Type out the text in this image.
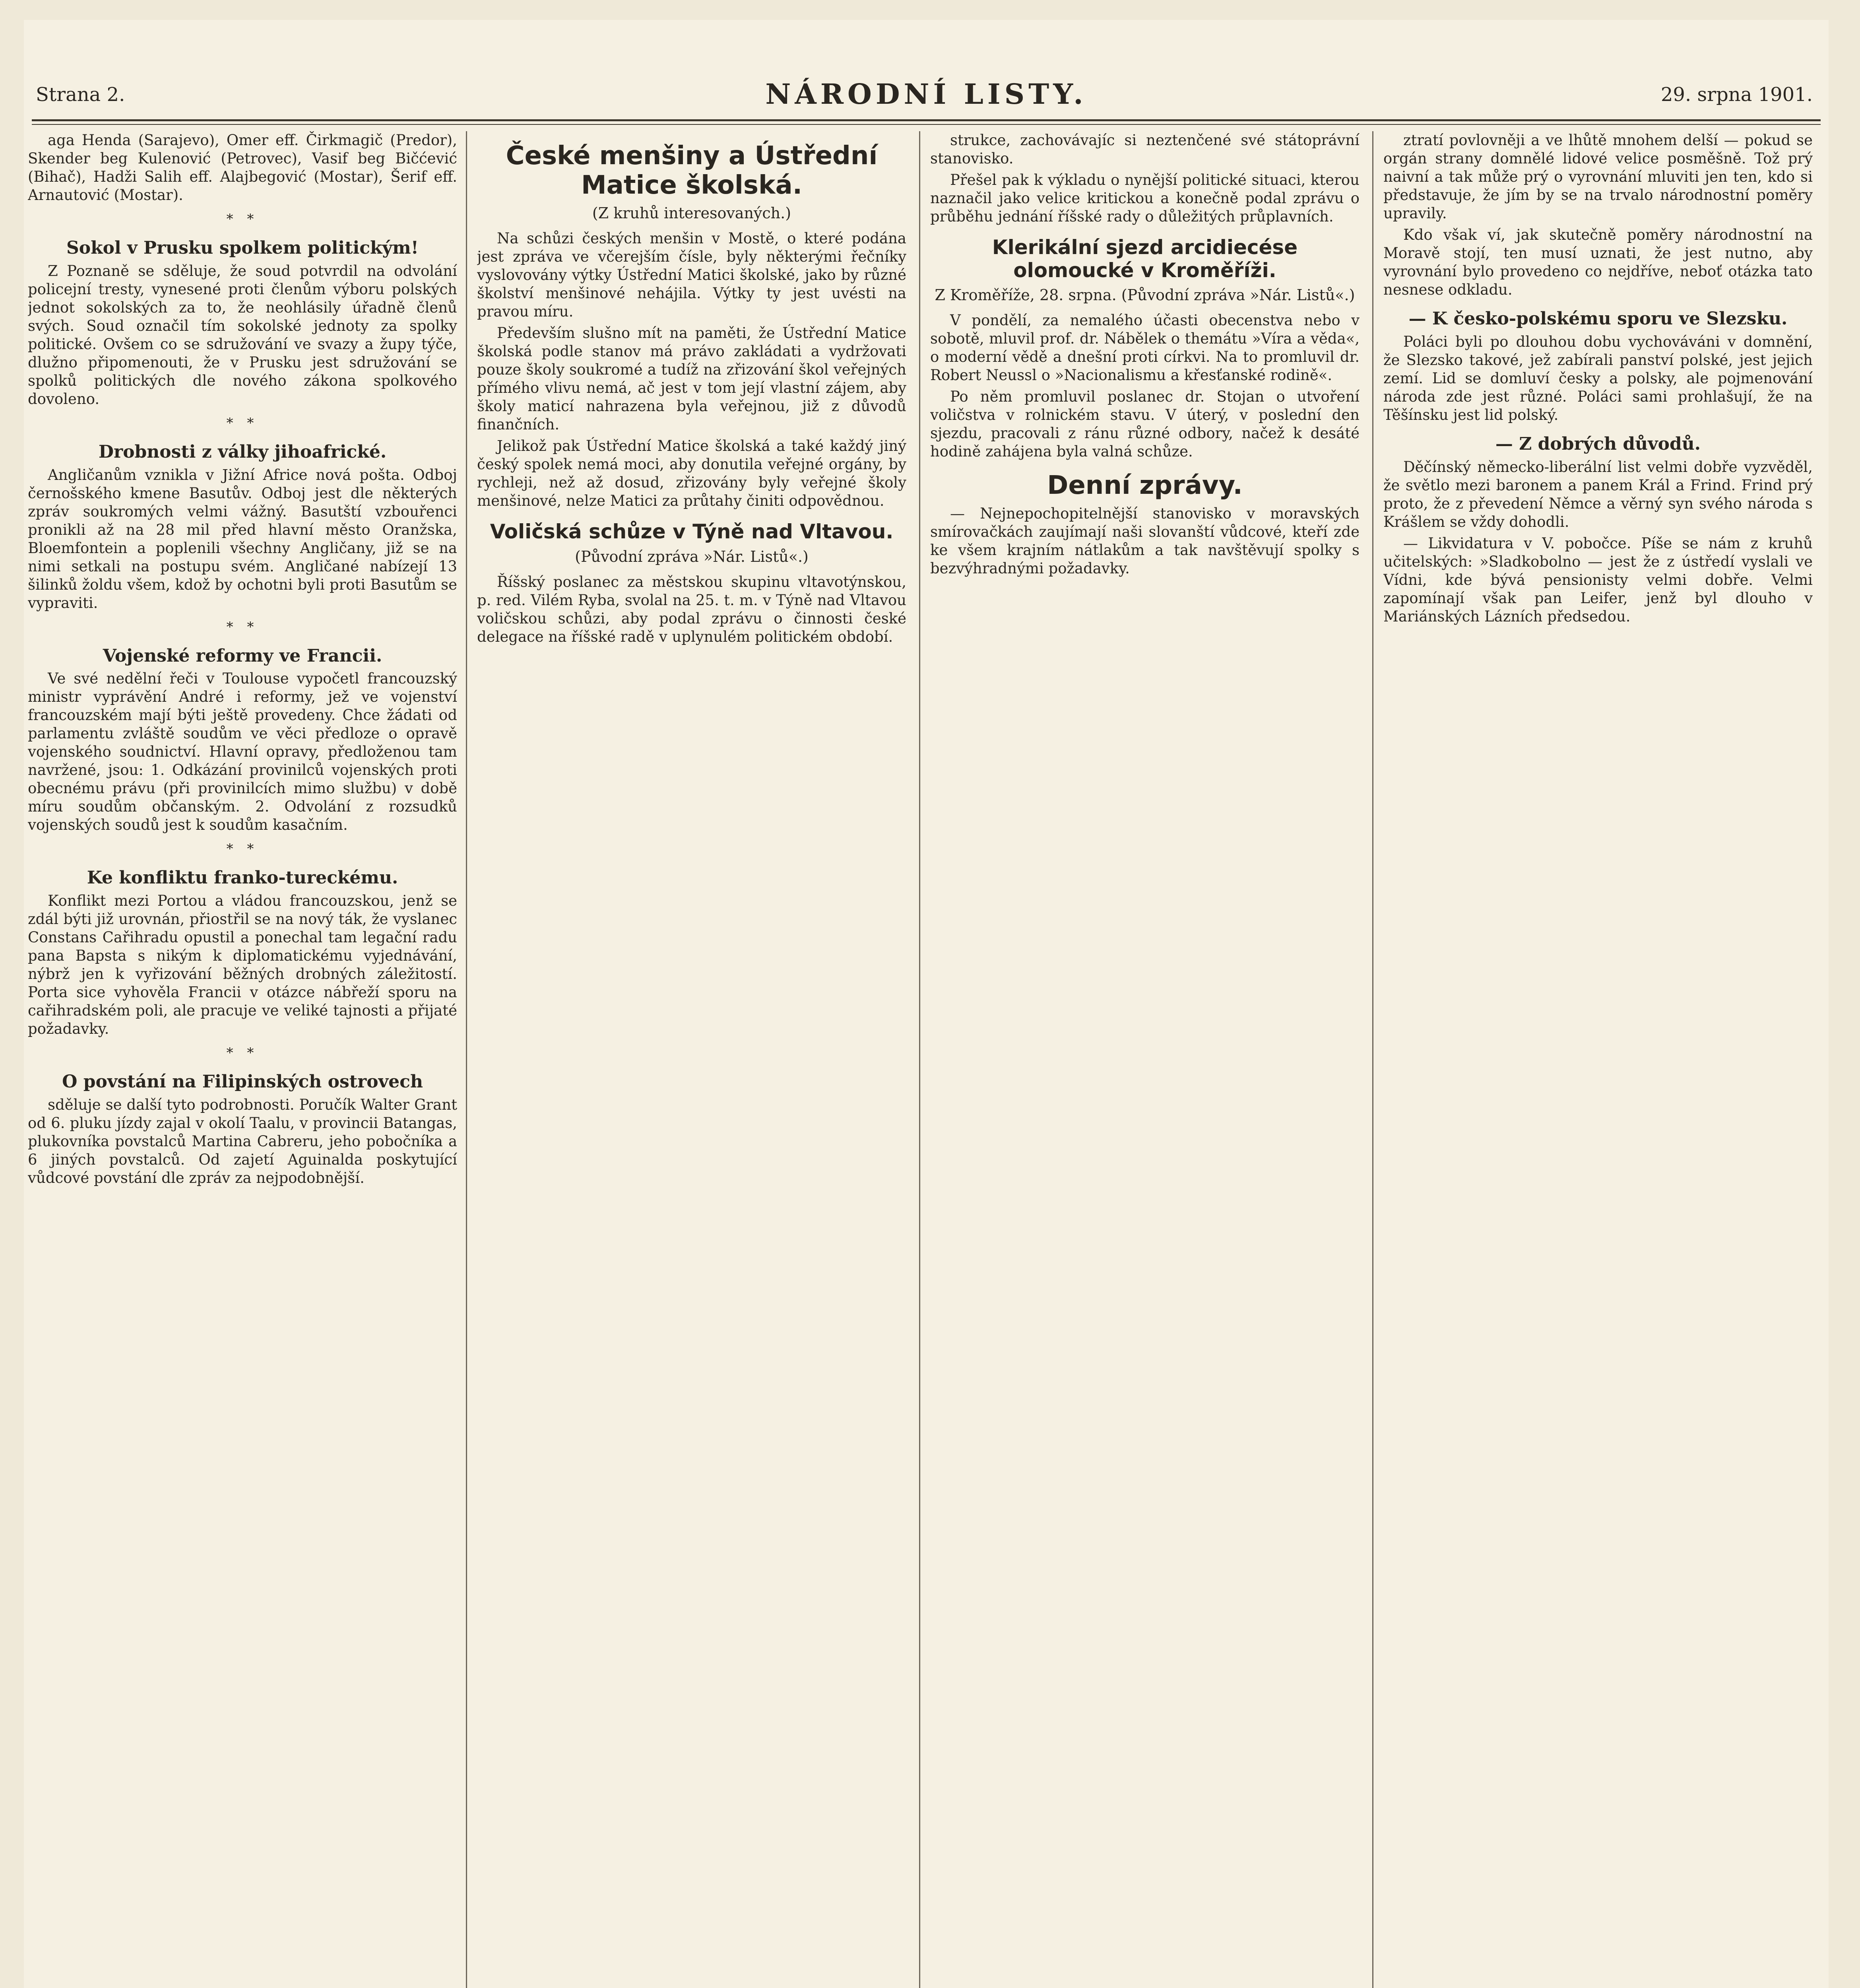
Strana 2.	NÁRODNÍ LISTY.	29. srpna 1901.

aga Henda (Sarajevo), Omer eff. Čirkmagič (Predor), Skender beg Kulenović (Petrovec), Vasif beg Bičćević (Bihač), Hadži Salih eff. Alajbegović (Mostar), Šerif eff. Arnautović (Mostar).

* *
Sokol v Prusku spolkem politickým!

Z Poznaně se sděluje, že soud potvrdil na odvolání policejní tresty, vynesené proti členům výboru polských jednot sokolských za to, že neohlásily úřadně členů svých. Soud označil tím sokolské jednoty za spolky politické. Ovšem co se sdružování ve svazy a župy týče, dlužno připomenouti, že v Prusku jest sdružování se spolků politických dle nového zákona spolkového dovoleno.

* *
Drobnosti z války jihoafrické.

Angličanům vznikla v Jižní Africe nová pošta. Odboj černošského kmene Basutův. Odboj jest dle některých zpráv soukromých velmi vážný. Basutští vzbouřenci pronikli až na 28 mil před hlavní město Oranžska, Bloemfontein a poplenili všechny Angličany, již se na nimi setkali na postupu svém. Angličané nabízejí 13 šilinků žoldu všem, kdož by ochotni byli proti Basutům se vypraviti.

* *
Vojenské reformy ve Francii.

Ve své nedělní řeči v Toulouse vypočetl francouzský ministr vyprávění André i reformy, jež ve vojenství francouzském mají býti ještě provedeny. Chce žádati od parlamentu zvláště soudům ve věci předloze o opravě vojenského soudnictví. Hlavní opravy, předloženou tam navržené, jsou: 1. Odkázání provinilců vojenských proti obecnému právu (při provinilcích mimo službu) v době míru soudům občanským. 2. Odvolání z rozsudků vojenských soudů jest k soudům kasačním.

* *
Ke konfliktu franko-tureckému.

Konflikt mezi Portou a vládou francouzskou, jenž se zdál býti již urovnán, přiostřil se na nový ták, že vyslanec Constans Cařihradu opustil a ponechal tam legační radu pana Bapsta s nikým k diplomatickému vyjednávání, nýbrž jen k vyřizování běžných drobných záležitostí. Porta sice vyhověla Francii v otázce nábřeží sporu na cařihradském poli, ale pracuje ve veliké tajnosti a přijaté požadavky.

* *
O povstání na Filipinských ostrovech

sděluje se další tyto podrobnosti. Poručík Walter Grant od 6. pluku jízdy zajal v okolí Taalu, v provincii Batangas, plukovníka povstalců Martina Cabreru, jeho pobočníka a 6 jiných povstalců. Od zajetí Aguinalda poskytující vůdcové povstání dle zpráv za nejpodobnější.

České menšiny a Ústřední Matice školská.
(Z kruhů interesovaných.)

Na schůzi českých menšin v Mostě, o které podána jest zpráva ve včerejším čísle, byly některými řečníky vyslovovány výtky Ústřední Matici školské, jako by různé školství menšinové nehájila. Výtky ty jest uvésti na pravou míru.

Především slušno mít na paměti, že Ústřední Matice školská podle stanov má právo zakládati a vydržovati pouze školy soukromé a tudíž na zřizování škol veřejných přímého vlivu nemá, ač jest v tom její vlastní zájem, aby školy maticí nahrazena byla veřejnou, již z důvodů finančních.

Jelikož pak Ústřední Matice školská a také každý jiný český spolek nemá moci, aby donutila veřejné orgány, by rychleji, než až dosud, zřizovány byly veřejné školy menšinové, nelze Matici za průtahy činiti odpovědnou.

Voličská schůze v Týně nad Vltavou.
(Původní zpráva »Nár. Listů«.)

Říšský poslanec za městskou skupinu vltavotýnskou, p. red. Vilém Ryba, svolal na 25. t. m. v Týně nad Vltavou voličskou schůzi, aby podal zprávu o činnosti české delegace na říšské radě v uplynulém politickém období.

strukce, zachovávajíc si neztenčené své státoprávní stanovisko.

Přešel pak k výkladu o nynější politické situaci, kterou naznačil jako velice kritickou a konečně podal zprávu o průběhu jednání říšské rady o důležitých průplavních.

Klerikální sjezd arcidiecése olomoucké v Kroměříži.
Z Kroměříže, 28. srpna. (Původní zpráva »Nár. Listů«.)

V pondělí, za nemalého účasti obecenstva nebo v sobotě, mluvil prof. dr. Nábělek o themátu »Víra a věda«, o moderní vědě a dnešní proti církvi. Na to promluvil dr. Robert Neussl o »Nacionalismu a křesťanské rodině«.

Po něm promluvil poslanec dr. Stojan o utvoření voličstva v rolnickém stavu. V úterý, v poslední den sjezdu, pracovali z ránu různé odbory, načež k desáté hodině zahájena byla valná schůze.

Denní zprávy.

— Nejnepochopitelnější stanovisko v moravských smírovačkách zaujímají naši slovanští vůdcové, kteří zde ke všem krajním nátlakům a tak navštěvují spolky s bezvýhradnými požadavky.

ztratí povlovněji a ve lhůtě mnohem delší — pokud se orgán strany domnělé lidové velice posměšně. Tož prý naivní a tak může prý o vyrovnání mluviti jen ten, kdo si představuje, že jím by se na trvalo národnostní poměry upravily.

Kdo však ví, jak skutečně poměry národnostní na Moravě stojí, ten musí uznati, že jest nutno, aby vyrovnání bylo provedeno co nejdříve, neboť otázka tato nesnese odkladu.

— K česko-polskému sporu ve Slezsku.

Poláci byli po dlouhou dobu vychováváni v domnění, že Slezsko takové, jež zabírali panství polské, jest jejich zemí. Lid se domluví česky a polsky, ale pojmenování národa zde jest různé. Poláci sami prohlašují, že na Těšínsku jest lid polský.

— Z dobrých důvodů.

Děčínský německo-liberální list velmi dobře vyzvěděl, že světlo mezi baronem a panem Král a Frind. Frind prý proto, že z převedení Němce a věrný syn svého národa s Krášlem se vždy dohodli.

— Likvidatura v V. pobočce. Píše se nám z kruhů učitelských: »Sladkobolno — jest že z ústředí vyslali ve Vídni, kde bývá pensionisty velmi dobře. Velmi zapomínají však pan Leifer, jenž byl dlouho v Mariánských Lázních předsedou.
